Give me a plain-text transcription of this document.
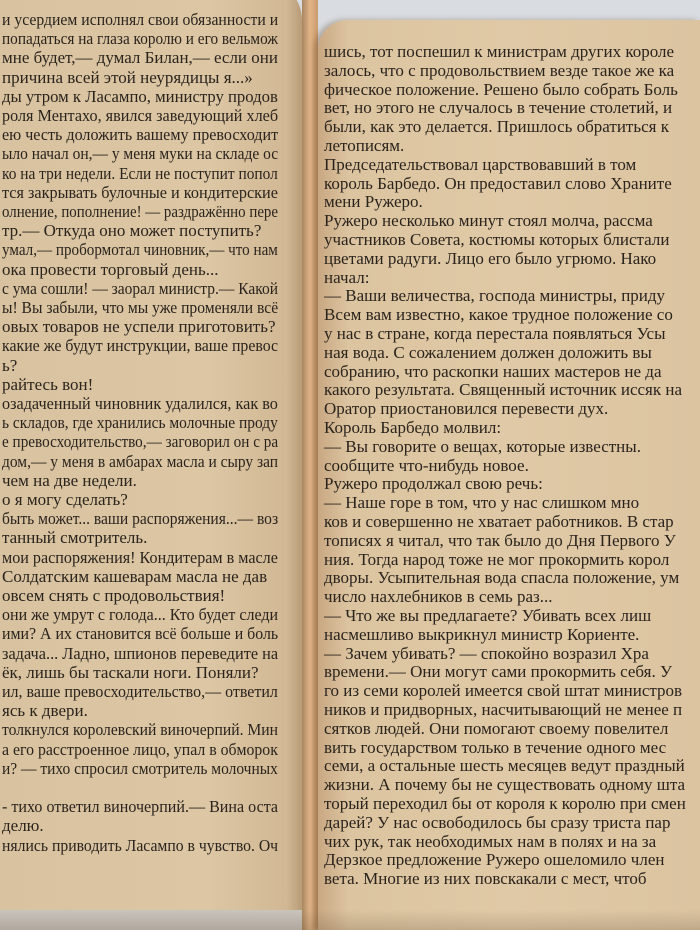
и усердием исполнял свои обязанности и
попадаться на глаза королю и его вельмож
мне будет,— думал Билан,— если они
причина всей этой неурядицы я...»
ды утром к Ласампо, министру продов
роля Ментахо, явился заведующий хлеб
ею честь доложить вашему превосходит
ыло начал он,— у меня муки на складе ос
ко на три недели. Если не поступит попол
тся закрывать булочные и кондитерские
олнение, пополнение! — раздражённо пере
тр.— Откуда оно может поступить?
умал,— пробормотал чиновник,— что нам
ока провести торговый день...
с ума сошли! — заорал министр.— Какой
ы! Вы забыли, что мы уже променяли всё
овых товаров не успели приготовить?
какие же будут инструкции, ваше превос
ь?
райтесь вон!
озадаченный чиновник удалился, как во
ь складов, где хранились молочные проду
е превосходительство,— заговорил он с ра
дом,— у меня в амбарах масла и сыру зап
чем на две недели.
о я могу сделать?
быть может... ваши распоряжения...— воз
танный смотритель.
мои распоряжения! Кондитерам в масле
Солдатским кашеварам масла не дав
овсем снять с продовольствия!
они же умрут с голода... Кто будет следи
ими? А их становится всё больше и боль
задача... Ладно, шпионов переведите на
ёк, лишь бы таскали ноги. Поняли?
ил, ваше превосходительство,— ответил
ясь к двери.
толкнулся королевский виночерпий. Мин
а его расстроенное лицо, упал в обморок
и? — тихо спросил смотритель молочных
- тихо ответил виночерпий.— Вина оста
делю.
нялись приводить Ласампо в чувство. Оч
шись, тот поспешил к министрам других короле
залось, что с продовольствием везде такое же ка
фическое положение. Решено было собрать Боль
вет, но этого не случалось в течение столетий, и
были, как это делается. Пришлось обратиться к
летописям.
Председательствовал царствовавший в том
король Барбедо. Он предоставил слово Храните
мени Ружеро.
Ружеро несколько минут стоял молча, рассма
участников Совета, костюмы которых блистали
цветами радуги. Лицо его было угрюмо. Нако
начал:
— Ваши величества, господа министры, приду
Всем вам известно, какое трудное положение со
у нас в стране, когда перестала появляться Усы
ная вода. С сожалением должен доложить вы
собранию, что раскопки наших мастеров не да
какого результата. Священный источник иссяк на
Оратор приостановился перевести дух.
Король Барбедо молвил:
— Вы говорите о вещах, которые известны.
сообщите что-нибудь новое.
Ружеро продолжал свою речь:
— Наше горе в том, что у нас слишком мно
ков и совершенно не хватает работников. В стар
тописях я читал, что так было до Дня Первого У
ния. Тогда народ тоже не мог прокормить корол
дворы. Усыпительная вода спасла положение, ум
число нахлебников в семь раз...
— Что же вы предлагаете? Убивать всех лиш
насмешливо выкрикнул министр Кориенте.
— Зачем убивать? — спокойно возразил Хра
времени.— Они могут сами прокормить себя. У
го из семи королей имеется свой штат министров
ников и придворных, насчитывающий не менее п
сятков людей. Они помогают своему повелител
вить государством только в течение одного мес
семи, а остальные шесть месяцев ведут праздный
жизни. А почему бы не существовать одному шта
торый переходил бы от короля к королю при смен
дарей? У нас освободилось бы сразу триста пар
чих рук, так необходимых нам в полях и на за
Дерзкое предложение Ружеро ошеломило член
вета. Многие из них повскакали с мест, чтоб
